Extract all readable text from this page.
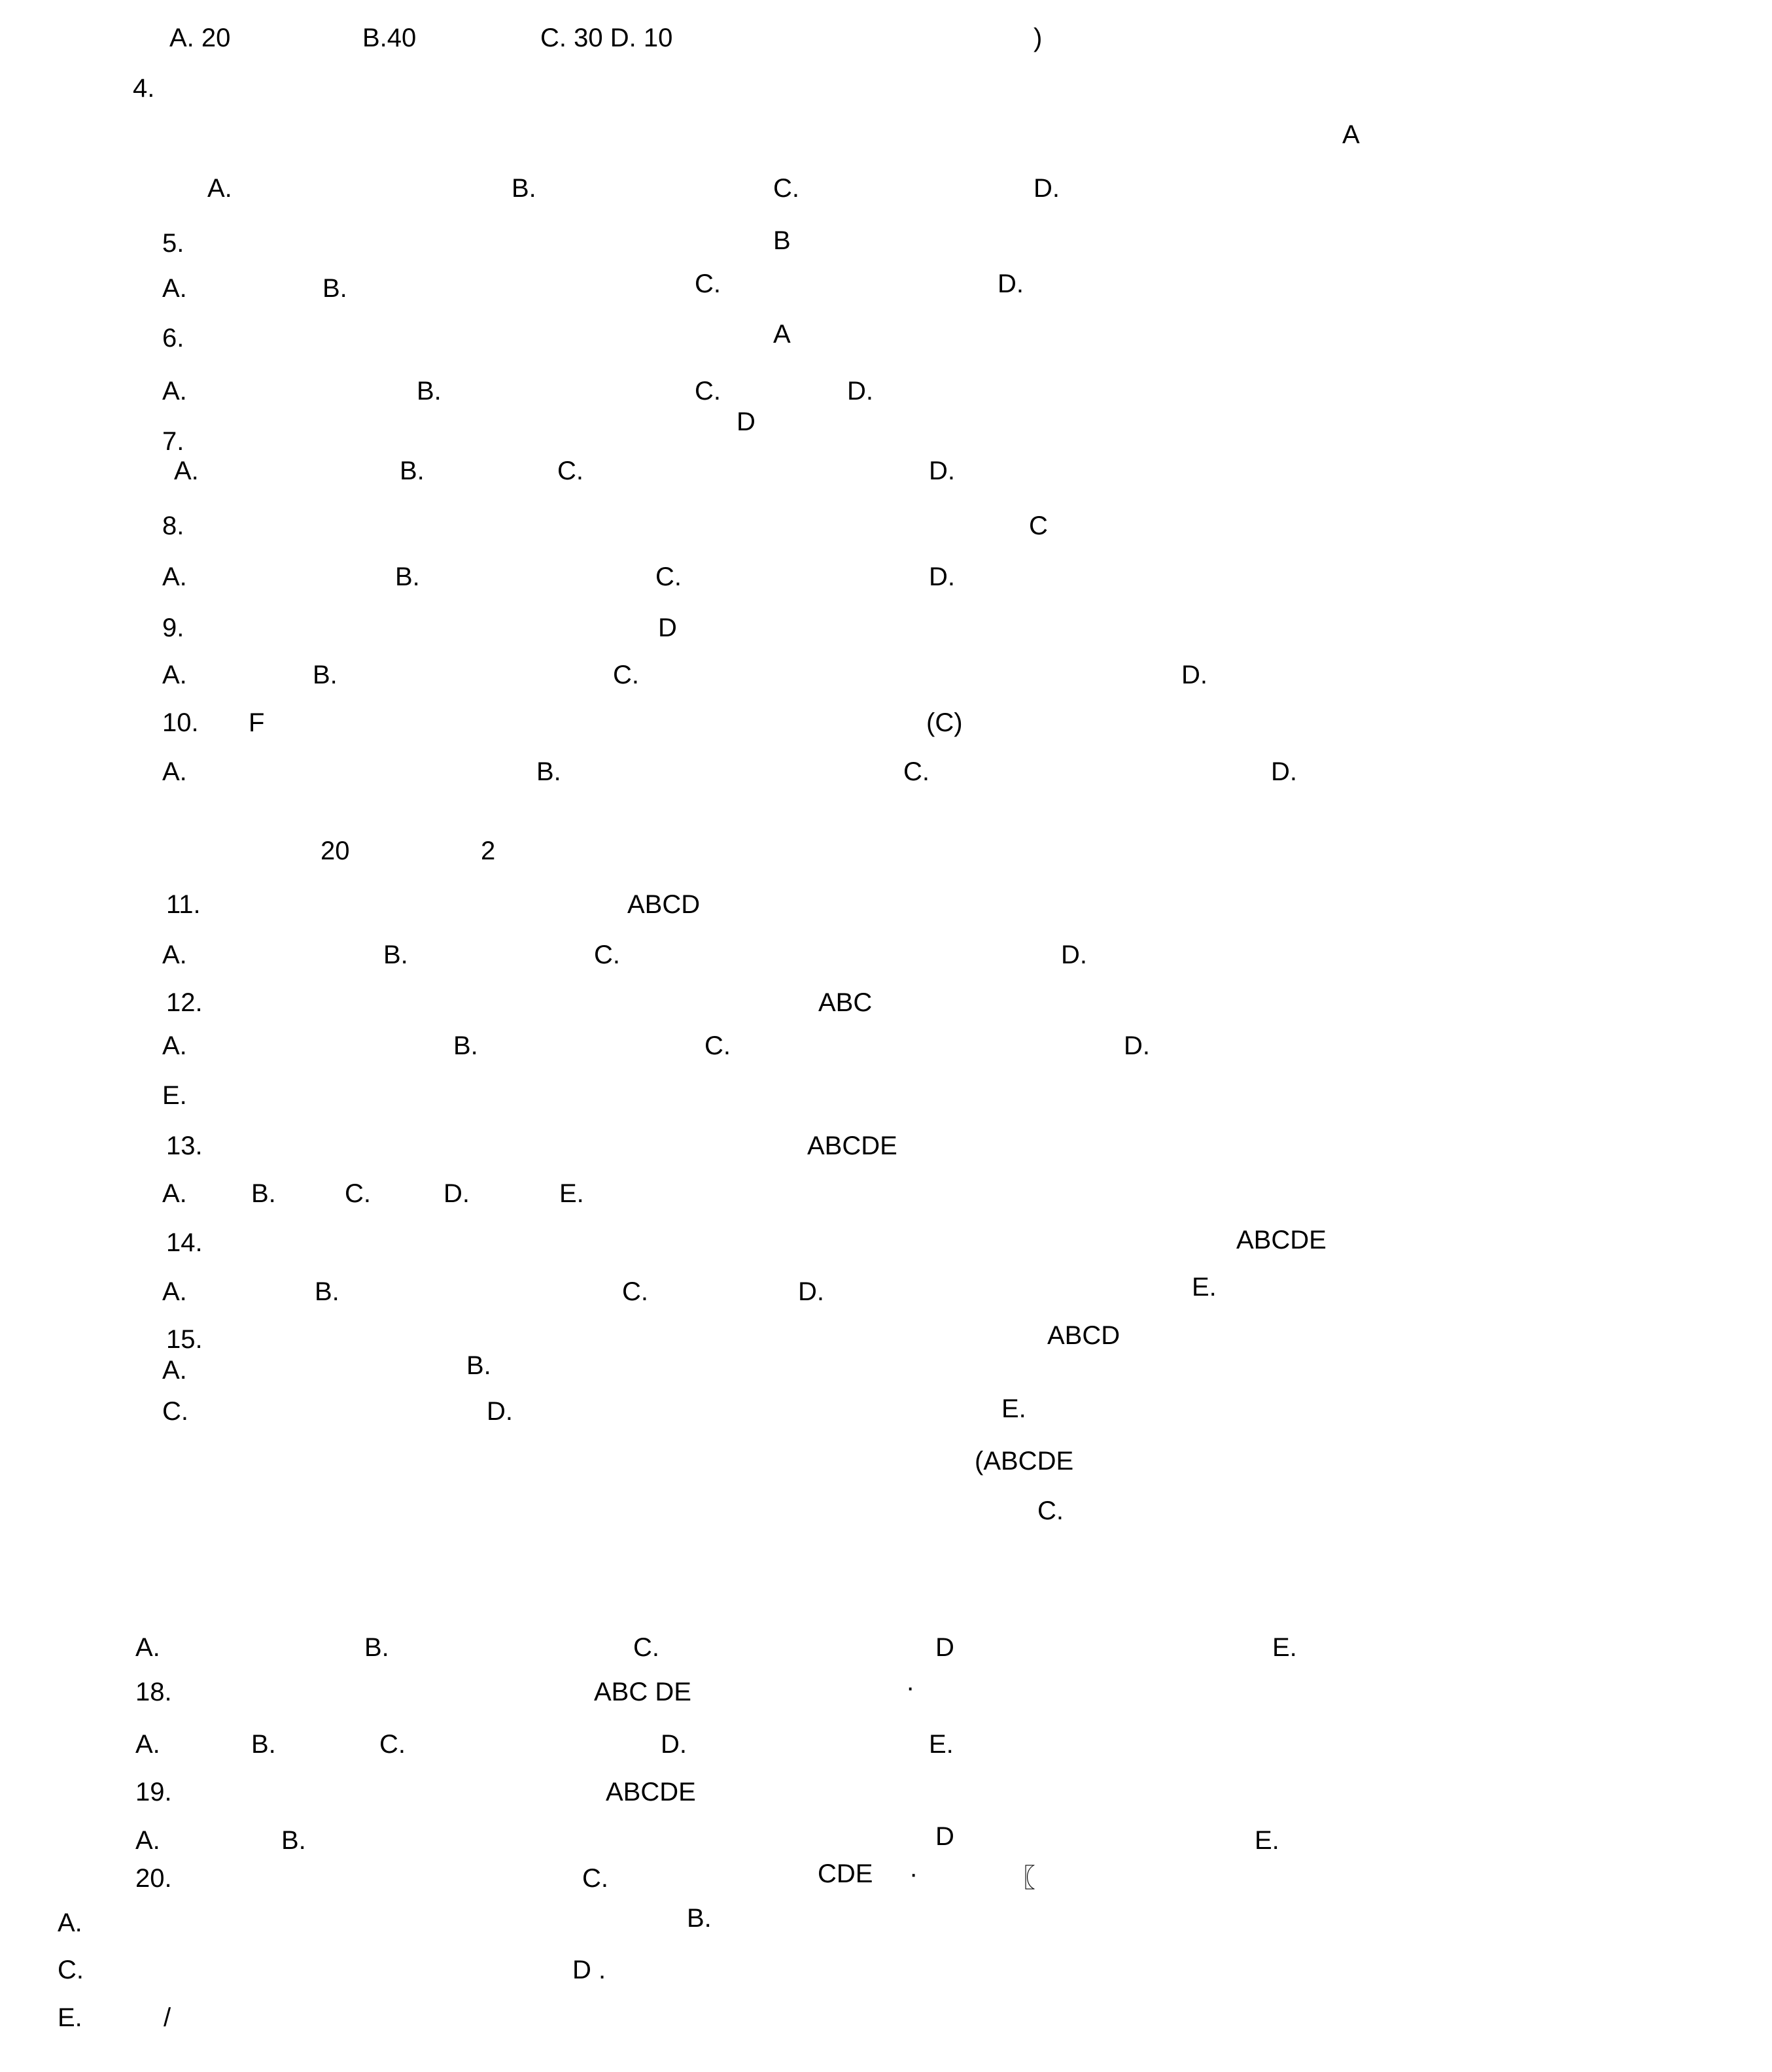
A. 20	B.40	C. 30 D. 10	)
4.
A
A.	B.	C.	D.
5.	B
A.	B.	C.	D.
6.	A
A.	B.	C.	D.
7.
D
A.	B.	C.	D.
8.	C
A.	B.	C.	D.
9.	D
A.	B.	C.	D.
10. F	(C)
A.	B.	C.	D.
20	2
11.	ABCD
A.	B.	C.	D.
12.	ABC
A.	B.	C.	D.
E.
13.	ABCDE
A. B.	C.	D.	E.
14.	ABCDE
A.	B.	C.	D.	E.
15.	ABCD
A.	B.
C.	D.	E.
(ABCDE
C.
A.	B.	C.	D	E.
18.	ABC DE	·
A.	B.	C.	D.	E.
19.	ABCDE
A.	B.	D	E.
20.	C.	CDE ·	〖
A.	B.
C.	D .
E.	/
